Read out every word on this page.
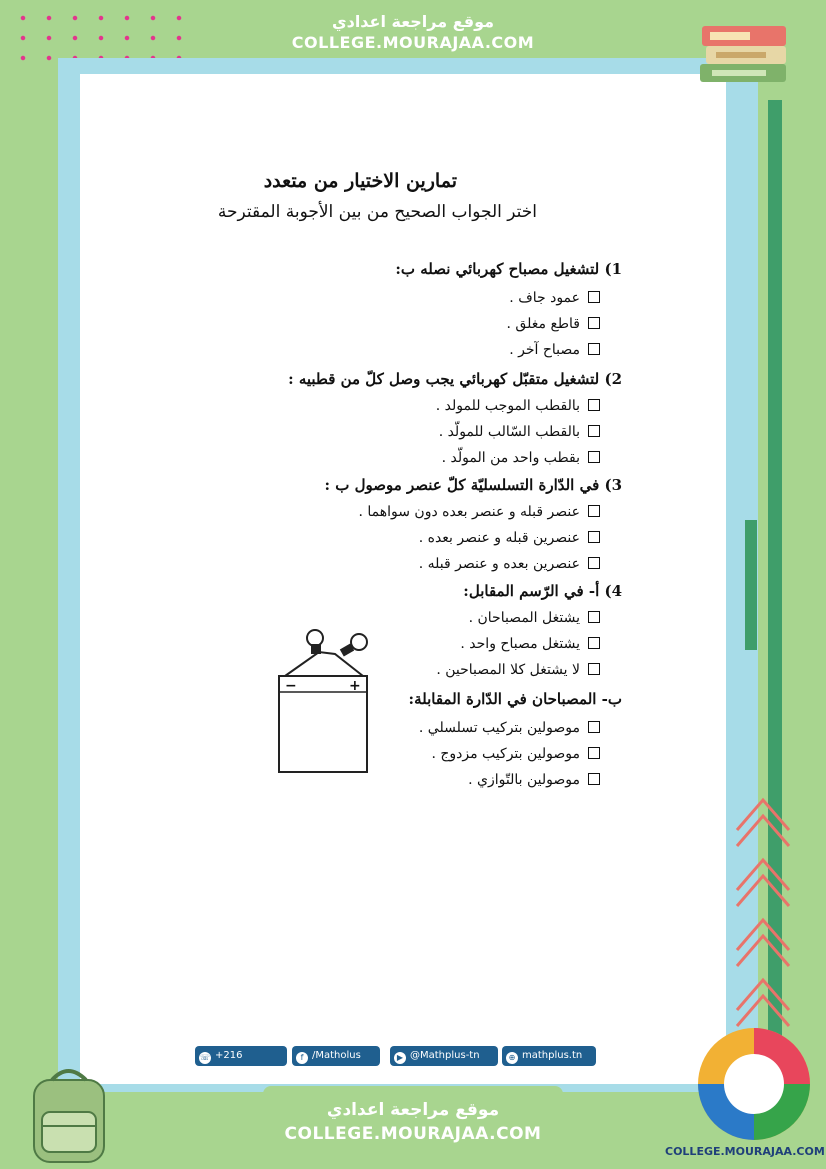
موقع مراجعة اعدادي
COLLEGE.MOURAJAA.COM
تمارين الاختيار من متعدد
اختر الجواب الصحيح من بين الأجوبة المقترحة
1) لتشغيل مصباح كهربائي نصله ب:
عمود جاف .
قاطع مغلق .
مصباح آخر .
2) لتشغيل متقبّل كهربائي يجب وصل كلّ من قطبيه :
بالقطب الموجب للمولد .
بالقطب السّالب للمولّد .
بقطب واحد من المولّد .
3) في الدّارة التسلسليّة كلّ عنصر موصول ب :
عنصر قبله و عنصر بعده دون سواهما .
عنصرين قبله و عنصر بعده .
عنصرين بعده و عنصر قبله .
4) أ- في الرّسم المقابل:
يشتغل المصباحان .
يشتغل مصباح واحد .
لا يشتغل كلا المصباحين .
ب- المصباحان في الدّارة المقابلة:
موصولين بتركيب تسلسلي .
موصولين بتركيب مزدوج .
موصولين بالتّوازي .
−	+
☏ +216 52061249
f /Matholus	▶ @Mathplus-tn	⊕ mathplus.tn
موقع مراجعة اعدادي
COLLEGE.MOURAJAA.COM
COLLEGE.MOURAJAA.COM
